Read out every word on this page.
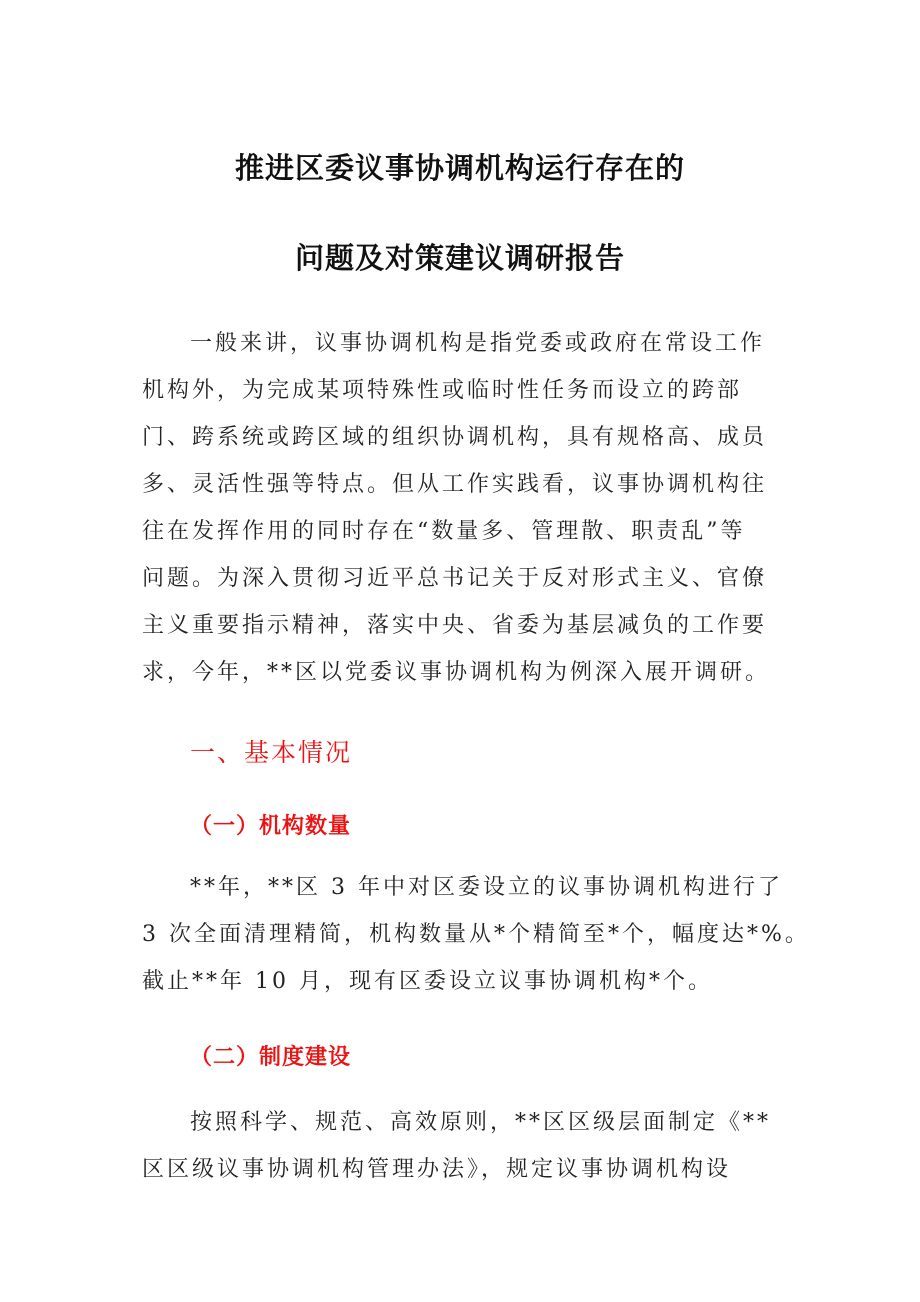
推进区委议事协调机构运行存在的
问题及对策建议调研报告
一般来讲，议事协调机构是指党委或政府在常设工作
机构外，为完成某项特殊性或临时性任务而设立的跨部
门、跨系统或跨区域的组织协调机构，具有规格高、成员
多、灵活性强等特点。但从工作实践看，议事协调机构往
往在发挥作用的同时存在“数量多、管理散、职责乱”等
问题。为深入贯彻习近平总书记关于反对形式主义、官僚
主义重要指示精神，落实中央、省委为基层减负的工作要
求，今年，**区以党委议事协调机构为例深入展开调研。
一、基本情况
（一）机构数量
**年，**区 3 年中对区委设立的议事协调机构进行了
3 次全面清理精简，机构数量从*个精简至*个，幅度达*%。
截止**年 10 月，现有区委设立议事协调机构*个。
（二）制度建设
按照科学、规范、高效原则，**区区级层面制定《**
区区级议事协调机构管理办法》，规定议事协调机构设
